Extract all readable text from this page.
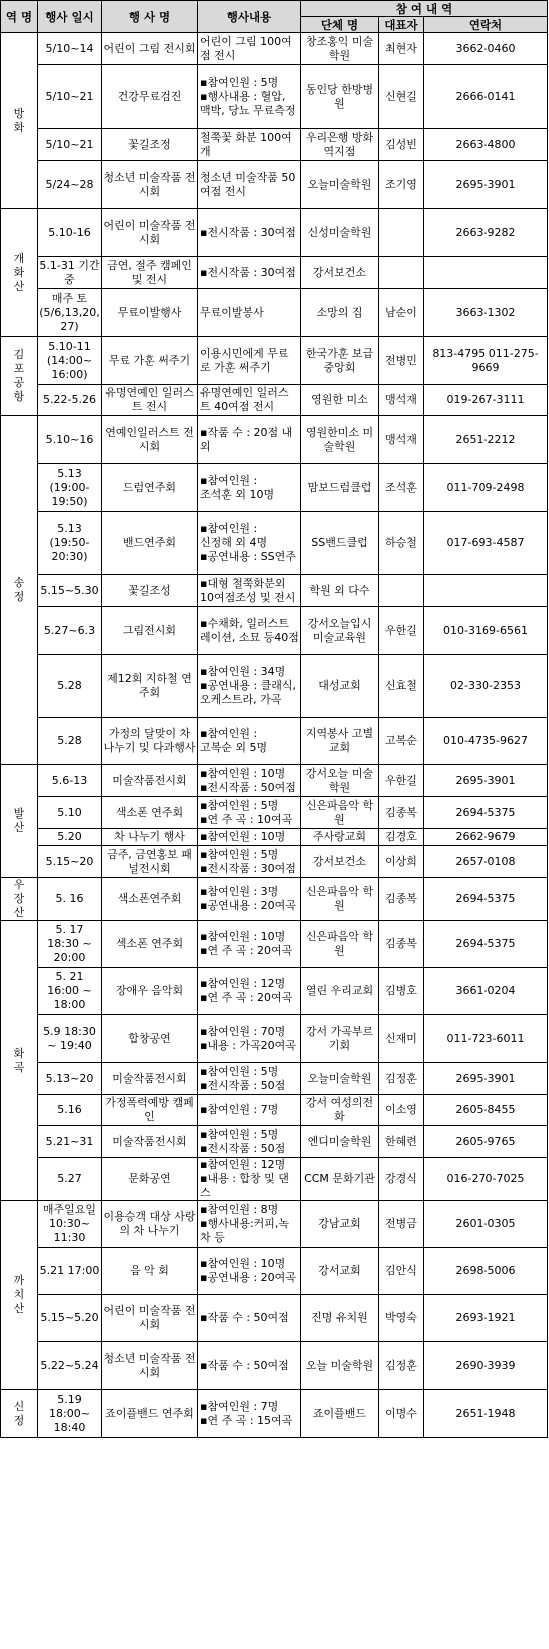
역 명	행사 일시	행 사 명	행사내용	참 여 내 역		
				단체 명	대표자	연락처

방화	5/10~14	어린이 그림 전시회	어린이 그림 100여점 전시	창조홍익 미술학원	최현자	3662-0460
	5/10~21	건강무료검진	▪참여인원 : 5명
▪행사내용 : 혈압, 맥박, 당뇨 무료측정	동인당 한방병원	신현길	2666-0141
	5/10~21	꽃길조정	철쭉꽃 화분 100여개	우리은행 방화역지점	김성빈	2663-4800
	5/24~28	청소년 미술작품 전시회	청소년 미술작품 50여점 전시	오늘미술학원	조기영	2695-3901

개화산	5.10-16	어린이 미술작품 전시회	▪전시작품 : 30여점	신성미술학원		2663-9282
	5.1-31 기간 중	금연, 절주 캠페인 및 전시	▪전시작품 : 30여점	강서보건소		
	매주 토 (5/6,13,20, 27)	무료이발행사	무료이발봉사	소망의 집	남순이	3663-1302

김포 공항	5.10-11 (14:00~ 16:00)	무료 가훈 써주기	이용시민에게 무료로 가훈 써주기	한국가훈 보급 중앙회	전병민	813-4795 011-275-9669
	5.22-5.26	유명연예인 일러스트 전시	유명연예인 일러스트 40여점 전시	영원한 미소	맹석재	019-267-3111

송정	5.10~16	연예인일러스트 전시회	▪작품 수 : 20점 내외	영원한미소 미술학원	맹석재	2651-2212
	5.13 (19:00- 19:50)	드럼연주회	▪참여인원 :
조석훈 외 10명	맘보드럼클럽	조석훈	011-709-2498
	5.13 (19:50- 20:30)	밴드연주회	▪참여인원 :
신정해 외 4명
▪공연내용 : SS연주	SS밴드클럽	하승철	017-693-4587
	5.15~5.30	꽃길조성	▪대형 철쭉화분외 10여점조성 및 전시	학원 외 다수		
	5.27~6.3	그림전시회	▪수채화, 일러스트 레이션, 소묘 등40점	강서오늘입시 미술교육원	우한길	010-3169-6561
	5.28	제12회 지하철 연주회	▪참여인원 : 34명
▪공연내용 : 클래식, 오케스트라, 가곡	대성교회	신효철	02-330-2353
	5.28	가정의 달맞이 차 나누기 및 다과행사	▪참여인원 :
고복순 외 5명	지역봉사 고별교회	고복순	010-4735-9627

발산	5.6-13	미술작품전시회	▪참여인원 : 10명
▪전시작품 : 50여점	강서오늘 미술학원	우한길	2695-3901
	5.10	색소폰 연주회	▪참여인원 : 5명
▪연 주 곡 : 10여곡	신은파음악 학원	김종복	2694-5375
	5.20	차 나누기 행사	▪참여인원 : 10명	주사랑교회	김경호	2662-9679
	5.15~20	금주, 금연홍보 패널전시회	▪참여인원 : 5명
▪전시작품 : 30여점	강서보건소	이상희	2657-0108

우장산	5. 16	색소폰연주회	▪참여인원 : 3명
▪공연내용 : 20여곡	신은파음악 학원	김종복	2694-5375

화곡	5. 17 18:30 ~ 20:00	섹소폰 연주회	▪참여인원 : 10명
▪연 주 곡 : 20여곡	신은파음악 학원	김종복	2694-5375
	5. 21 16:00 ~ 18:00	장애우 음악회	▪참여인원 : 12명
▪연 주 곡 : 20여곡	열린 우리교회	김병호	3661-0204
	5.9 18:30 ~ 19:40	합창공연	▪참여인원 : 70명
▪내용 : 가곡20여곡	강서 가곡부르기회	신재미	011-723-6011
	5.13~20	미술작품전시회	▪참여인원 : 5명
▪전시작품 : 50점	오늘미술학원	김정훈	2695-3901
	5.16	가정폭력예방 캠페인	▪참여인원 : 7명	강서 여성의전화	이소영	2605-8455
	5.21~31	미술작품전시회	▪참여인원 : 5명
▪전시작품 : 50점	엔디미술학원	한혜련	2605-9765
	5.27	문화공연	▪참여인원 : 12명
▪내용 : 합창 및 댄스	CCM 문화기관	강경식	016-270-7025

까치산	매주일요일 10:30~ 11:30	이용승객 대상 사랑의 차 나누기	▪참여인원 : 8명
▪행사내용:커피,녹차 등	강남교회	전병금	2601-0305
	5.21 17:00	음 악 회	▪참여인원 : 10명
▪공연내용 : 20여곡	강서교회	김안식	2698-5006
	5.15~5.20	어린이 미술작품 전시회	▪작품 수 : 50여점	진명 유치원	박영숙	2693-1921
	5.22~5.24	청소년 미술작품 전시회	▪작품 수 : 50여점	오늘 미술학원	김정훈	2690-3939

신정	5.19 18:00~ 18:40	죠이플밴드 연주회	▪참여인원 : 7명
▪연 주 곡 : 15여곡	죠이플밴드	이명수	2651-1948
